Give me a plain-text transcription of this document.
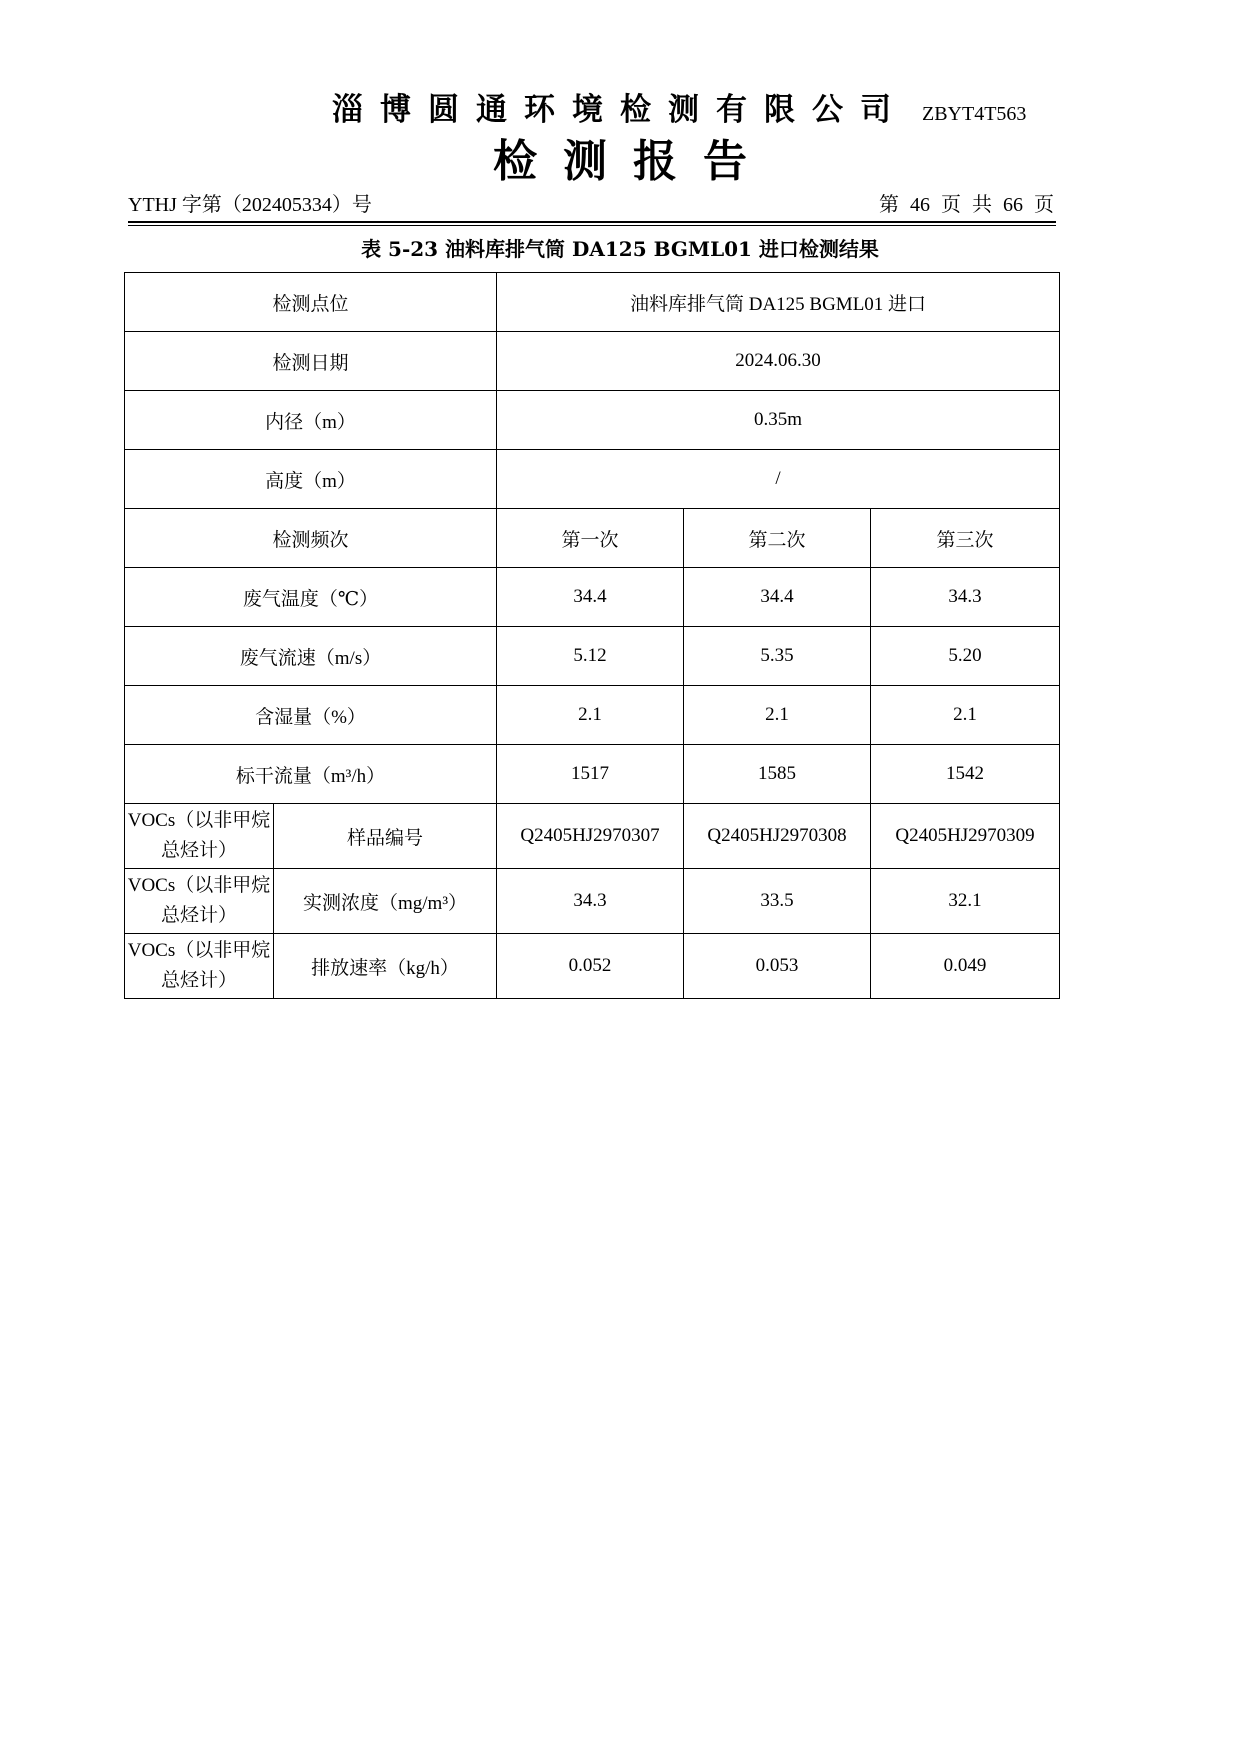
淄博圆通环境检测有限公司 ZBYT4T563
检测报告
YTHJ 字第（202405334）号	第 46 页 共 66 页
表 5-23 油料库排气筒 DA125 BGML01 进口检测结果
检测点位		油料库排气筒 DA125 BGML01 进口		
检测日期		2024.06.30		
内径（m）		0.35m		
高度（m）		/		
检测频次		第一次	第二次	第三次
废气温度（℃）		34.4	34.4	34.3
废气流速（m/s）		5.12	5.35	5.20
含湿量（%）		2.1	2.1	2.1
标干流量（m³/h）		1517	1585	1542
VOCs（以非甲烷总烃计）	样品编号	Q2405HJ2970307	Q2405HJ2970308	Q2405HJ2970309
VOCs（以非甲烷总烃计）	实测浓度（mg/m³）	34.3	33.5	32.1
VOCs（以非甲烷总烃计）	排放速率（kg/h）	0.052	0.053	0.049
